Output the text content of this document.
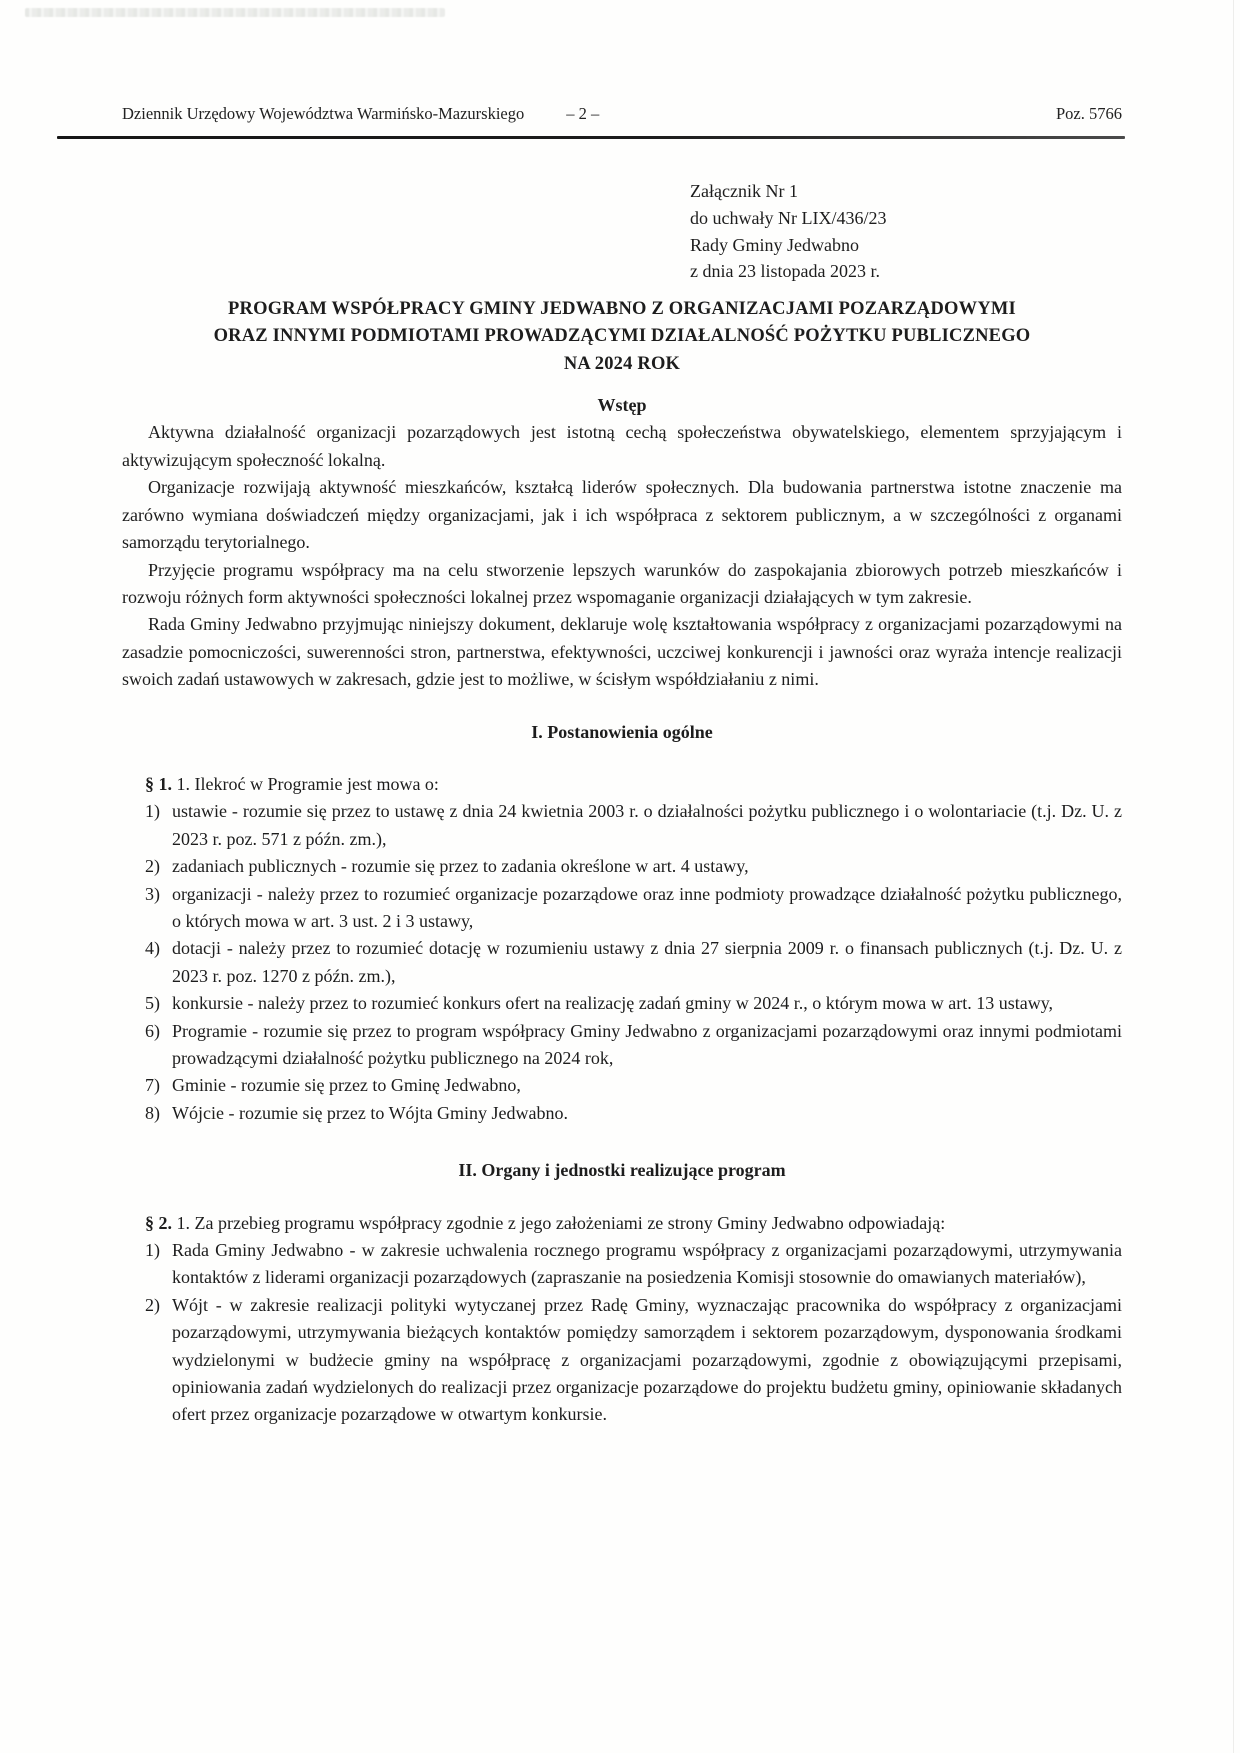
Dziennik Urzędowy Województwa Warmińsko-Mazurskiego	– 2 –	Poz. 5766
Załącznik Nr 1
do uchwały Nr LIX/436/23
Rady Gminy Jedwabno
z dnia 23 listopada 2023 r.
PROGRAM WSPÓŁPRACY GMINY JEDWABNO Z ORGANIZACJAMI POZARZĄDOWYMI
ORAZ INNYMI PODMIOTAMI PROWADZĄCYMI DZIAŁALNOŚĆ POŻYTKU PUBLICZNEGO
NA 2024 ROK
Wstęp

Aktywna działalność organizacji pozarządowych jest istotną cechą społeczeństwa obywatelskiego, elementem sprzyjającym i aktywizującym społeczność lokalną.

Organizacje rozwijają aktywność mieszkańców, kształcą liderów społecznych. Dla budowania partnerstwa istotne znaczenie ma zarówno wymiana doświadczeń między organizacjami, jak i ich współpraca z sektorem publicznym, a w szczególności z organami samorządu terytorialnego.

Przyjęcie programu współpracy ma na celu stworzenie lepszych warunków do zaspokajania zbiorowych potrzeb mieszkańców i rozwoju różnych form aktywności społeczności lokalnej przez wspomaganie organizacji działających w tym zakresie.

Rada Gminy Jedwabno przyjmując niniejszy dokument, deklaruje wolę kształtowania współpracy z organizacjami pozarządowymi na zasadzie pomocniczości, suwerenności stron, partnerstwa, efektywności, uczciwej konkurencji i jawności oraz wyraża intencje realizacji swoich zadań ustawowych w zakresach, gdzie jest to możliwe, w ścisłym współdziałaniu z nimi.

I. Postanowienia ogólne

§ 1. 1. Ilekroć w Programie jest mowa o:

1) ustawie - rozumie się przez to ustawę z dnia 24 kwietnia 2003 r. o działalności pożytku publicznego i o wolontariacie (t.j. Dz. U. z 2023 r. poz. 571 z późn. zm.),
2) zadaniach publicznych - rozumie się przez to zadania określone w art. 4 ustawy,
3) organizacji - należy przez to rozumieć organizacje pozarządowe oraz inne podmioty prowadzące działalność pożytku publicznego, o których mowa w art. 3 ust. 2 i 3 ustawy,
4) dotacji - należy przez to rozumieć dotację w rozumieniu ustawy z dnia 27 sierpnia 2009 r. o finansach publicznych (t.j. Dz. U. z 2023 r. poz. 1270 z późn. zm.),
5) konkursie - należy przez to rozumieć konkurs ofert na realizację zadań gminy w 2024 r., o którym mowa w art. 13 ustawy,
6) Programie - rozumie się przez to program współpracy Gminy Jedwabno z organizacjami pozarządowymi oraz innymi podmiotami prowadzącymi działalność pożytku publicznego na 2024 rok,
7) Gminie - rozumie się przez to Gminę Jedwabno,
8) Wójcie - rozumie się przez to Wójta Gminy Jedwabno.
II. Organy i jednostki realizujące program

§ 2. 1. Za przebieg programu współpracy zgodnie z jego założeniami ze strony Gminy Jedwabno odpowiadają:

1) Rada Gminy Jedwabno - w zakresie uchwalenia rocznego programu współpracy z organizacjami pozarządowymi, utrzymywania kontaktów z liderami organizacji pozarządowych (zapraszanie na posiedzenia Komisji stosownie do omawianych materiałów),
2) Wójt - w zakresie realizacji polityki wytyczanej przez Radę Gminy, wyznaczając pracownika do współpracy z organizacjami pozarządowymi, utrzymywania bieżących kontaktów pomiędzy samorządem i sektorem pozarządowym, dysponowania środkami wydzielonymi w budżecie gminy na współpracę z organizacjami pozarządowymi, zgodnie z obowiązującymi przepisami, opiniowania zadań wydzielonych do realizacji przez organizacje pozarządowe do projektu budżetu gminy, opiniowanie składanych ofert przez organizacje pozarządowe w otwartym konkursie.
